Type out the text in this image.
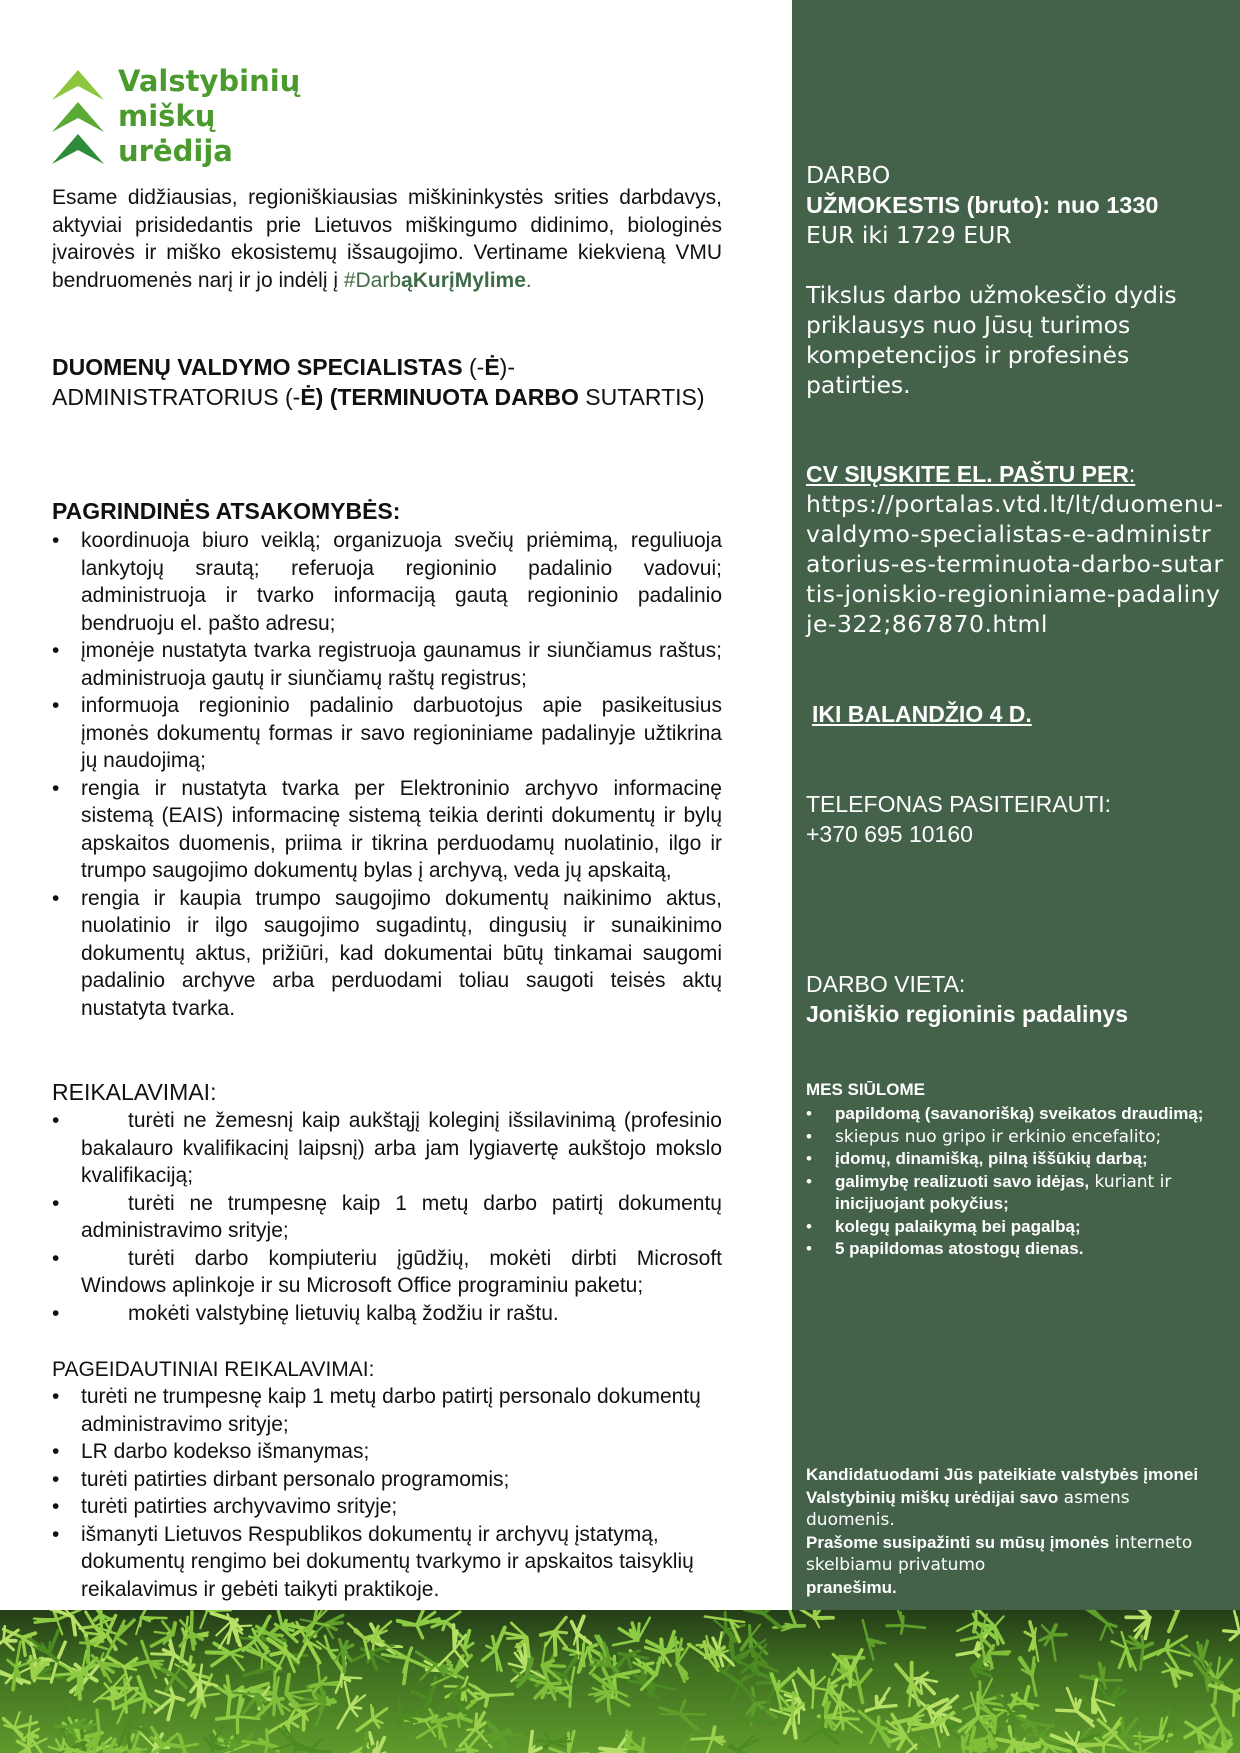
Valstybinių
miškų
urėdija

Esame didžiausias, regioniškiausias miškininkystės srities darbdavys, aktyviai prisidedantis prie Lietuvos miškingumo didinimo, biologinės įvairovės ir miško ekosistemų išsaugojimo. Vertiname kiekvieną VMU bendruomenės narį ir jo indėlį į #DarbąKurįMylime.

DUOMENŲ VALDYMO SPECIALISTAS (-Ė)- ADMINISTRATORIUS (-Ė) (TERMINUOTA DARBO SUTARTIS)
PAGRINDINĖS ATSAKOMYBĖS:
• koordinuoja biuro veiklą; organizuoja svečių priėmimą, reguliuoja lankytojų srautą; referuoja regioninio padalinio vadovui; administruoja ir tvarko informaciją gautą regioninio padalinio bendruoju el. pašto adresu;
• įmonėje nustatyta tvarka registruoja gaunamus ir siunčiamus raštus; administruoja gautų ir siunčiamų raštų registrus;
• informuoja regioninio padalinio darbuotojus apie pasikeitusius įmonės dokumentų formas ir savo regioniniame padalinyje užtikrina jų naudojimą;
• rengia ir nustatyta tvarka per Elektroninio archyvo informacinę sistemą (EAIS) informacinę sistemą teikia derinti dokumentų ir bylų apskaitos duomenis, priima ir tikrina perduodamų nuolatinio, ilgo ir trumpo saugojimo dokumentų bylas į archyvą, veda jų apskaitą,
• rengia ir kaupia trumpo saugojimo dokumentų naikinimo aktus, nuolatinio ir ilgo saugojimo sugadintų, dingusių ir sunaikinimo dokumentų aktus, prižiūri, kad dokumentai būtų tinkamai saugomi padalinio archyve arba perduodami toliau saugoti teisės aktų nustatyta tvarka.
REIKALAVIMAI:
• turėti ne žemesnį kaip aukštąjį koleginį išsilavinimą (profesinio bakalauro kvalifikacinį laipsnį) arba jam lygiavertę aukštojo mokslo kvalifikaciją;
• turėti ne trumpesnę kaip 1 metų darbo patirtį dokumentų administravimo srityje;
• turėti darbo kompiuteriu įgūdžių, mokėti dirbti Microsoft Windows aplinkoje ir su Microsoft Office programiniu paketu;
• mokėti valstybinę lietuvių kalbą žodžiu ir raštu.
PAGEIDAUTINIAI REIKALAVIMAI:
• turėti ne trumpesnę kaip 1 metų darbo patirtį personalo dokumentų administravimo srityje;
• LR darbo kodekso išmanymas;
• turėti patirties dirbant personalo programomis;
• turėti patirties archyvavimo srityje;
• išmanyti Lietuvos Respublikos dokumentų ir archyvų įstatymą, dokumentų rengimo bei dokumentų tvarkymo ir apskaitos taisyklių reikalavimus ir gebėti taikyti praktikoje.
DARBO
UŽMOKESTIS (bruto): nuo 1330
EUR iki 1729 EUR
Tikslus darbo užmokesčio dydis priklausys nuo Jūsų turimos kompetencijos ir profesinės patirties.
CV SIŲSKITE EL. PAŠTU PER:
https://portalas.vtd.lt/lt/duomenu-valdymo-specialistas-e-administratorius-es-terminuota-darbo-sutartis-joniskio-regioniniame-padalinyje-322;867870.html
IKI BALANDŽIO 4 D.
TELEFONAS PASITEIRAUTI:
+370 695 10160
DARBO VIETA:
Joniškio regioninis padalinys
MES SIŪLOME
• papildomą (savanorišką) sveikatos draudimą;
• skiepus nuo gripo ir erkinio encefalito;
• įdomų, dinamišką, pilną iššūkių darbą;
• galimybę realizuoti savo idėjas, kuriant ir inicijuojant pokyčius;
• kolegų palaikymą bei pagalbą;
• 5 papildomas atostogų dienas.
Kandidatuodami Jūs pateikiate valstybės įmonei Valstybinių miškų urėdijai savo asmens duomenis.
Prašome susipažinti su mūsų įmonės interneto skelbiamu privatumo
pranešimu.
